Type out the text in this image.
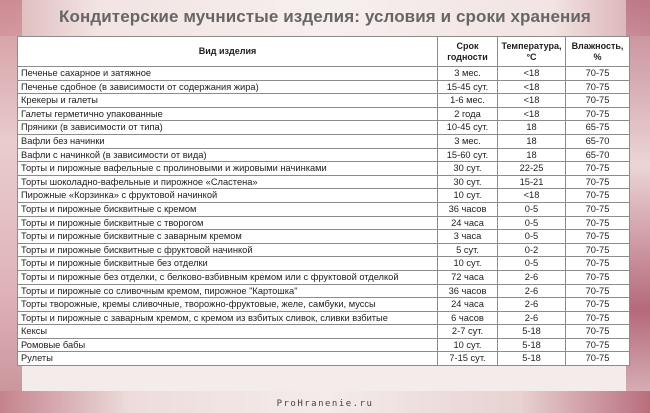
Кондитерские мучнистые изделия: условия и сроки хранения
Вид изделия	Срок годности	Температура, °С	Влажность, %
Печенье сахарное и затяжное	3 мес.	<18	70-75
Печенье сдобное (в зависимости от содержания жира)	15-45 сут.	<18	70-75
Крекеры и галеты	1-6 мес.	<18	70-75
Галеты герметично упакованные	2 года	<18	70-75
Пряники (в зависимости от типа)	10-45 сут.	18	65-75
Вафли без начинки	3 мес.	18	65-70
Вафли с начинкой (в зависимости от вида)	15-60 сут.	18	65-70
Торты и пирожные вафельные с пролиновыми и жировыми начинками	30 сут.	22-25	70-75
Торты шоколадно-вафельные и пирожное «Сластена»	30 сут.	15-21	70-75
Пирожные «Корзинка» с фруктовой начинкой	10 сут.	<18	70-75
Торты и пирожные бисквитные с кремом	36 часов	0-5	70-75
Торты и пирожные бисквитные с творогом	24 часа	0-5	70-75
Торты и пирожные бисквитные с заварным кремом	3 часа	0-5	70-75
Торты и пирожные бисквитные с фруктовой начинкой	5 сут.	0-2	70-75
Торты и пирожные бисквитные без отделки	10 сут.	0-5	70-75
Торты и пирожные без отделки, с белково-взбивным кремом или с фруктовой отделкой	72 часа	2-6	70-75
Торты и пирожные со сливочным кремом, пирожное "Картошка"	36 часов	2-6	70-75
Торты творожные, кремы сливочные, творожно-фруктовые, желе, самбуки, муссы	24 часа	2-6	70-75
Торты и пирожные с заварным кремом, с кремом из взбитых сливок, сливки взбитые	6 часов	2-6	70-75
Кексы	2-7 сут.	5-18	70-75
Ромовые бабы	10 сут.	5-18	70-75
Рулеты	7-15 сут.	5-18	70-75
ProHranenie.ru
